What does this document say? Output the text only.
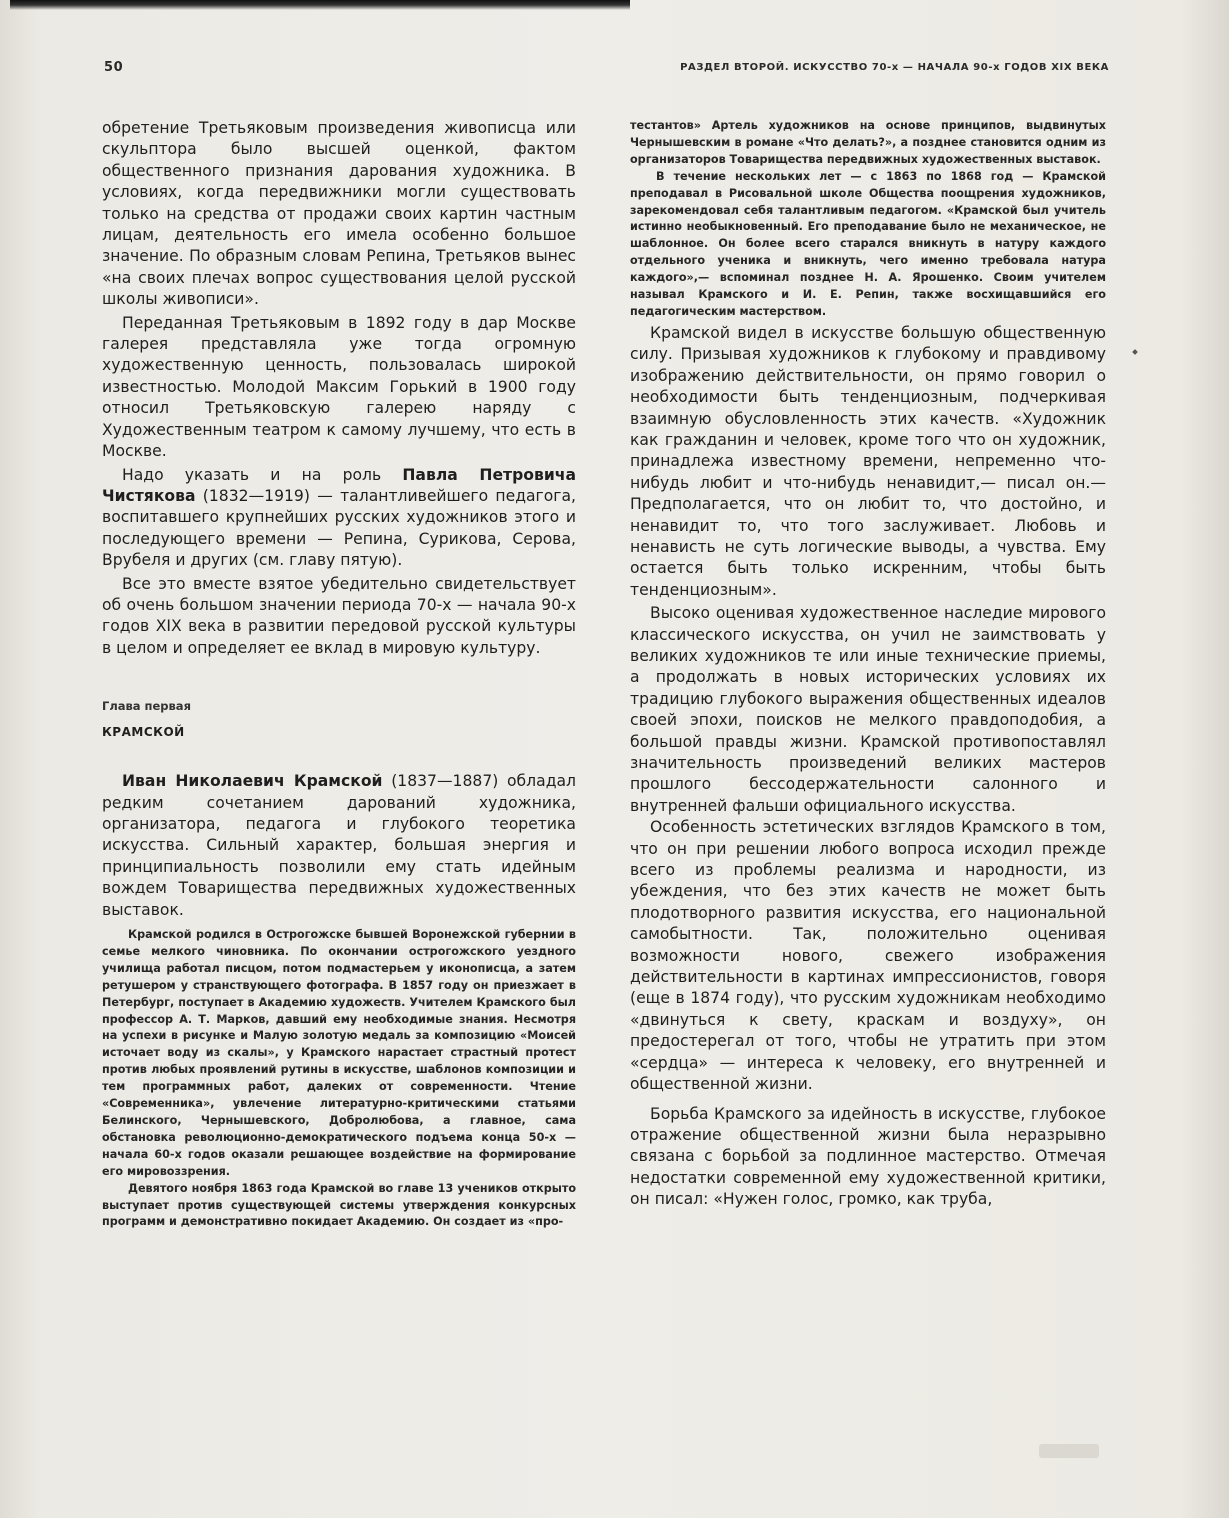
50	РАЗДЕЛ ВТОРОЙ. ИСКУССТВО 70-х — НАЧАЛА 90-х ГОДОВ XIX ВЕКА

обретение Третьяковым произведения живописца или скульптора было высшей оценкой, фактом общественного признания дарования художника. В условиях, когда передвижники могли существовать только на средства от продажи своих картин частным лицам, деятельность его имела особенно большое значение. По образным словам Репина, Третьяков вынес «на своих плечах вопрос существования целой русской школы живописи».

Переданная Третьяковым в 1892 году в дар Москве галерея представляла уже тогда огромную художественную ценность, пользовалась широкой известностью. Молодой Максим Горький в 1900 году относил Третьяковскую галерею наряду с Художественным театром к самому лучшему, что есть в Москве.

Надо указать и на роль Павла Петровича Чистякова (1832—1919) — талантливейшего педагога, воспитавшего крупнейших русских художников этого и последующего времени — Репина, Сурикова, Серова, Врубеля и других (см. главу пятую).

Все это вместе взятое убедительно свидетельствует об очень большом значении периода 70-х — начала 90-х годов XIX века в развитии передовой русской культуры в целом и определяет ее вклад в мировую культуру.

Глава первая

КРАМСКОЙ

Иван Николаевич Крамской (1837—1887) обладал редким сочетанием дарований художника, организатора, педагога и глубокого теоретика искусства. Сильный характер, большая энергия и принципиальность позволили ему стать идейным вождем Товарищества передвижных художественных выставок.

Крамской родился в Острогожске бывшей Воронежской губернии в семье мелкого чиновника. По окончании острогожского уездного училища работал писцом, потом подмастерьем у иконописца, а затем ретушером у странствующего фотографа. В 1857 году он приезжает в Петербург, поступает в Академию художеств. Учителем Крамского был профессор А. Т. Марков, давший ему необходимые знания. Несмотря на успехи в рисунке и Малую золотую медаль за композицию «Моисей источает воду из скалы», у Крамского нарастает страстный протест против любых проявлений рутины в искусстве, шаблонов композиции и тем программных работ, далеких от современности. Чтение «Современника», увлечение литературно-критическими статьями Белинского, Чернышевского, Добролюбова, а главное, сама обстановка революционно-демократического подъема конца 50-х — начала 60-х годов оказали решающее воздействие на формирование его мировоззрения.

Девятого ноября 1863 года Крамской во главе 13 учеников открыто выступает против существующей системы утверждения конкурсных программ и демонстративно покидает Академию. Он создает из «про-

тестантов» Артель художников на основе принципов, выдвинутых Чернышевским в романе «Что делать?», а позднее становится одним из организаторов Товарищества передвижных художественных выставок.

В течение нескольких лет — с 1863 по 1868 год — Крамской преподавал в Рисовальной школе Общества поощрения художников, зарекомендовал себя талантливым педагогом. «Крамской был учитель истинно необыкновенный. Его преподавание было не механическое, не шаблонное. Он более всего старался вникнуть в натуру каждого отдельного ученика и вникнуть, чего именно требовала натура каждого»,— вспоминал позднее Н. А. Ярошенко. Своим учителем называл Крамского и И. Е. Репин, также восхищавшийся его педагогическим мастерством.

Крамской видел в искусстве большую общественную силу. Призывая художников к глубокому и правдивому изображению действительности, он прямо говорил о необходимости быть тенденциозным, подчеркивая взаимную обусловленность этих качеств. «Художник как гражданин и человек, кроме того что он художник, принадлежа известному времени, непременно что-нибудь любит и что-нибудь ненавидит,— писал он.— Предполагается, что он любит то, что достойно, и ненавидит то, что того заслуживает. Любовь и ненависть не суть логические выводы, а чувства. Ему остается быть только искренним, чтобы быть тенденциозным».

Высоко оценивая художественное наследие мирового классического искусства, он учил не заимствовать у великих художников те или иные технические приемы, а продолжать в новых исторических условиях их традицию глубокого выражения общественных идеалов своей эпохи, поисков не мелкого правдоподобия, а большой правды жизни. Крамской противопоставлял значительность произведений великих мастеров прошлого бессодержательности салонного и внутренней фальши официального искусства.

Особенность эстетических взглядов Крамского в том, что он при решении любого вопроса исходил прежде всего из проблемы реализма и народности, из убеждения, что без этих качеств не может быть плодотворного развития искусства, его национальной самобытности. Так, положительно оценивая возможности нового, свежего изображения действительности в картинах импрессионистов, говоря (еще в 1874 году), что русским художникам необходимо «двинуться к свету, краскам и воздуху», он предостерегал от того, чтобы не утратить при этом «сердца» — интереса к человеку, его внутренней и общественной жизни.

Борьба Крамского за идейность в искусстве, глубокое отражение общественной жизни была неразрывно связана с борьбой за подлинное мастерство. Отмечая недостатки современной ему художественной критики, он писал: «Нужен голос, громко, как труба,
